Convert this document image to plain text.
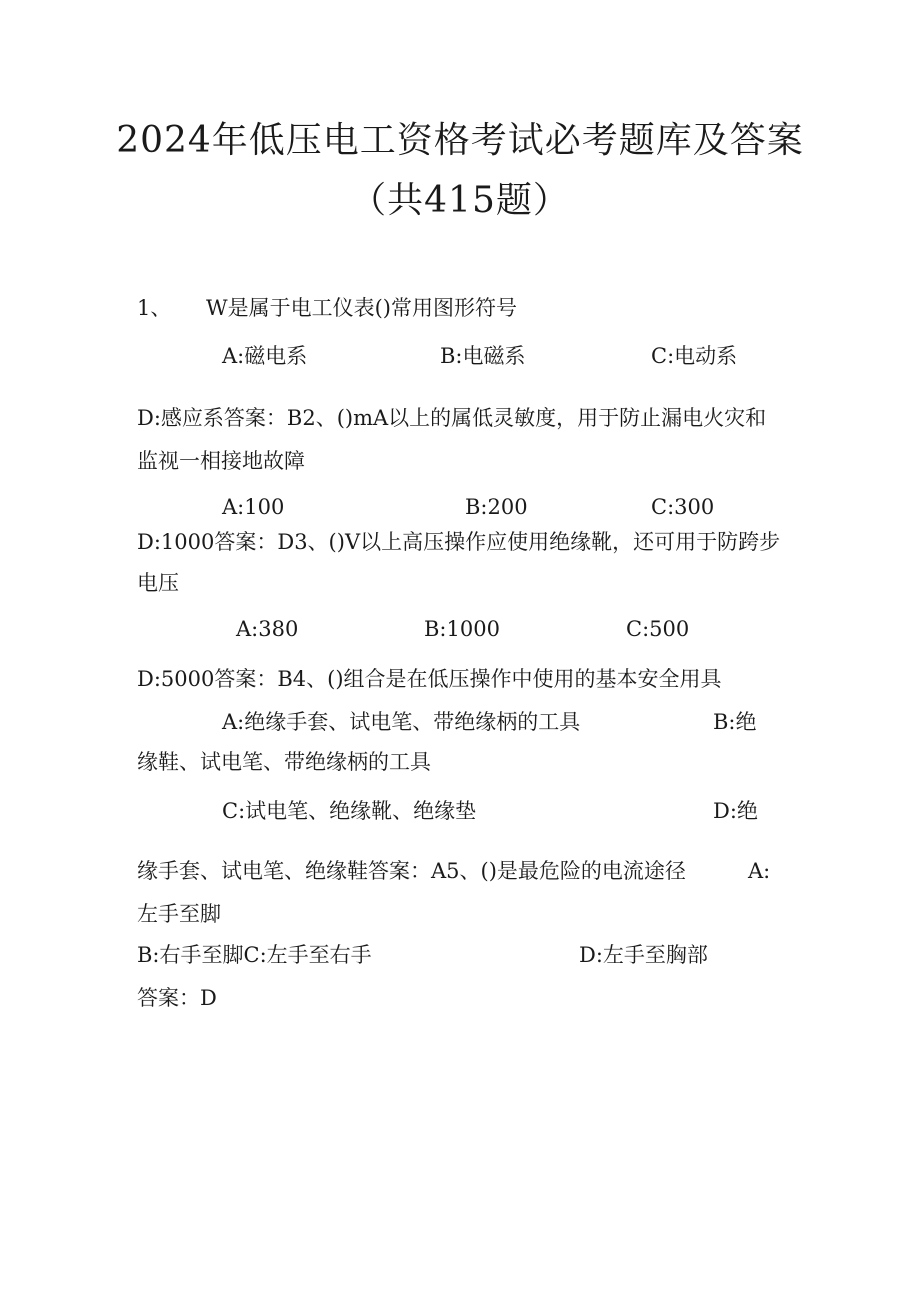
2024年低压电工资格考试必考题库及答案
（共415题）
1、 W是属于电工仪表()常用图形符号
A:磁电系	B:电磁系	C:电动系
D:感应系答案：B2、()mA以上的属低灵敏度，用于防止漏电火灾和
监视一相接地故障
A:100	B:200	C:300
D:1000答案：D3、()V以上高压操作应使用绝缘靴，还可用于防跨步
电压
A:380	B:1000	C:500
D:5000答案：B4、()组合是在低压操作中使用的基本安全用具
A:绝缘手套、试电笔、带绝缘柄的工具	B:绝
缘鞋、试电笔、带绝缘柄的工具
C:试电笔、绝缘靴、绝缘垫	D:绝
缘手套、试电笔、绝缘鞋答案：A5、()是最危险的电流途径	A:
左手至脚
B:右手至脚C:左手至右手	D:左手至胸部
答案：D
